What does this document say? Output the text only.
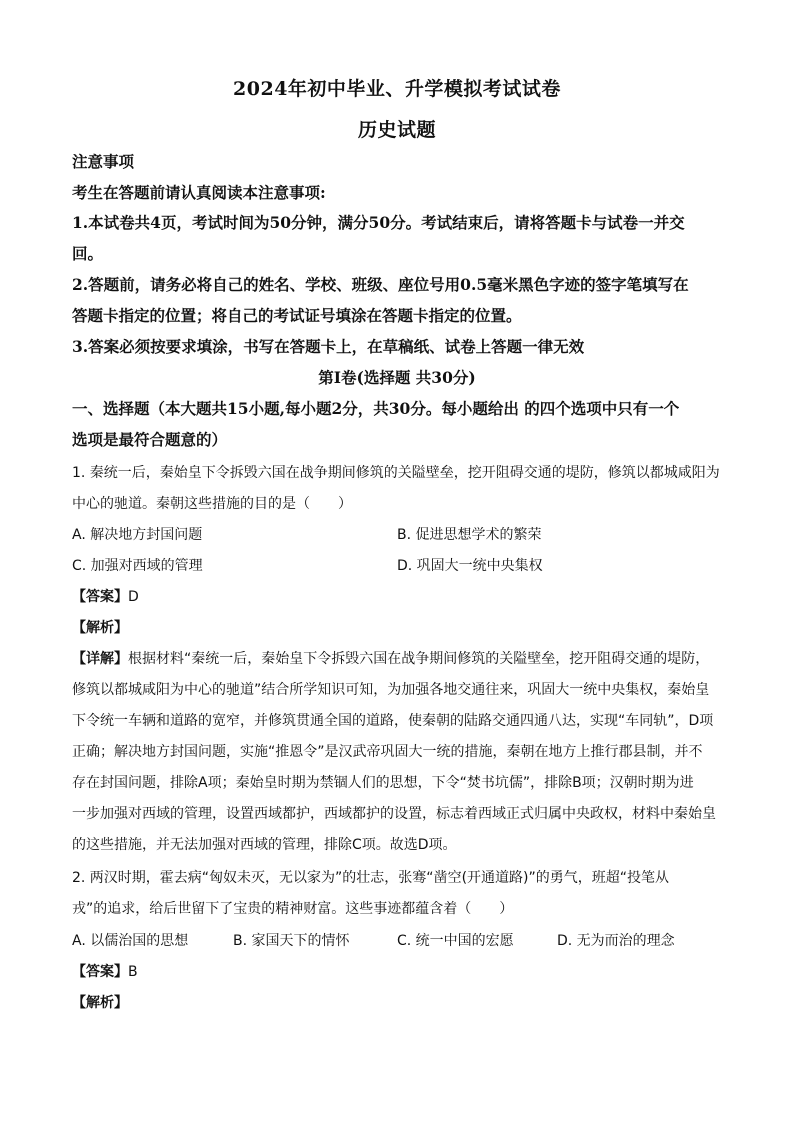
2024年初中毕业、升学模拟考试试卷
历史试题
注意事项
考生在答题前请认真阅读本注意事项:
1.本试卷共4页，考试时间为50分钟，满分50分。考试结束后，请将答题卡与试卷一并交
回。
2.答题前，请务必将自己的姓名、学校、班级、座位号用0.5毫米黑色字迹的签字笔填写在
答题卡指定的位置；将自己的考试证号填涂在答题卡指定的位置。
3.答案必须按要求填涂，书写在答题卡上，在草稿纸、试卷上答题一律无效
第Ⅰ卷(选择题 共30分)
一、选择题（本大题共15小题,每小题2分，共30分。每小题给出 的四个选项中只有一个
选项是最符合题意的）
1. 秦统一后，秦始皇下令拆毁六国在战争期间修筑的关隘壁垒，挖开阻碍交通的堤防，修筑以都城咸阳为
中心的驰道。秦朝这些措施的目的是（　　）
A. 解决地方封国问题	B. 促进思想学术的繁荣
C. 加强对西域的管理	D. 巩固大一统中央集权
【答案】D
【解析】
【详解】根据材料“秦统一后，秦始皇下令拆毁六国在战争期间修筑的关隘壁垒，挖开阻碍交通的堤防，
修筑以都城咸阳为中心的驰道”结合所学知识可知，为加强各地交通往来，巩固大一统中央集权，秦始皇
下令统一车辆和道路的宽窄，并修筑贯通全国的道路，使秦朝的陆路交通四通八达，实现“车同轨”，D项
正确；解决地方封国问题，实施“推恩令”是汉武帝巩固大一统的措施，秦朝在地方上推行郡县制，并不
存在封国问题，排除A项；秦始皇时期为禁锢人们的思想，下令“焚书坑儒”，排除B项；汉朝时期为进
一步加强对西域的管理，设置西域都护，西域都护的设置，标志着西域正式归属中央政权，材料中秦始皇
的这些措施，并无法加强对西域的管理，排除C项。故选D项。
2. 两汉时期，霍去病“匈奴未灭，无以家为”的壮志，张骞“凿空(开通道路)”的勇气，班超“投笔从
戎”的追求，给后世留下了宝贵的精神财富。这些事迹都蕴含着（　　）
A. 以儒治国的思想	B. 家国天下的情怀	C. 统一中国的宏愿	D. 无为而治的理念
【答案】B
【解析】
